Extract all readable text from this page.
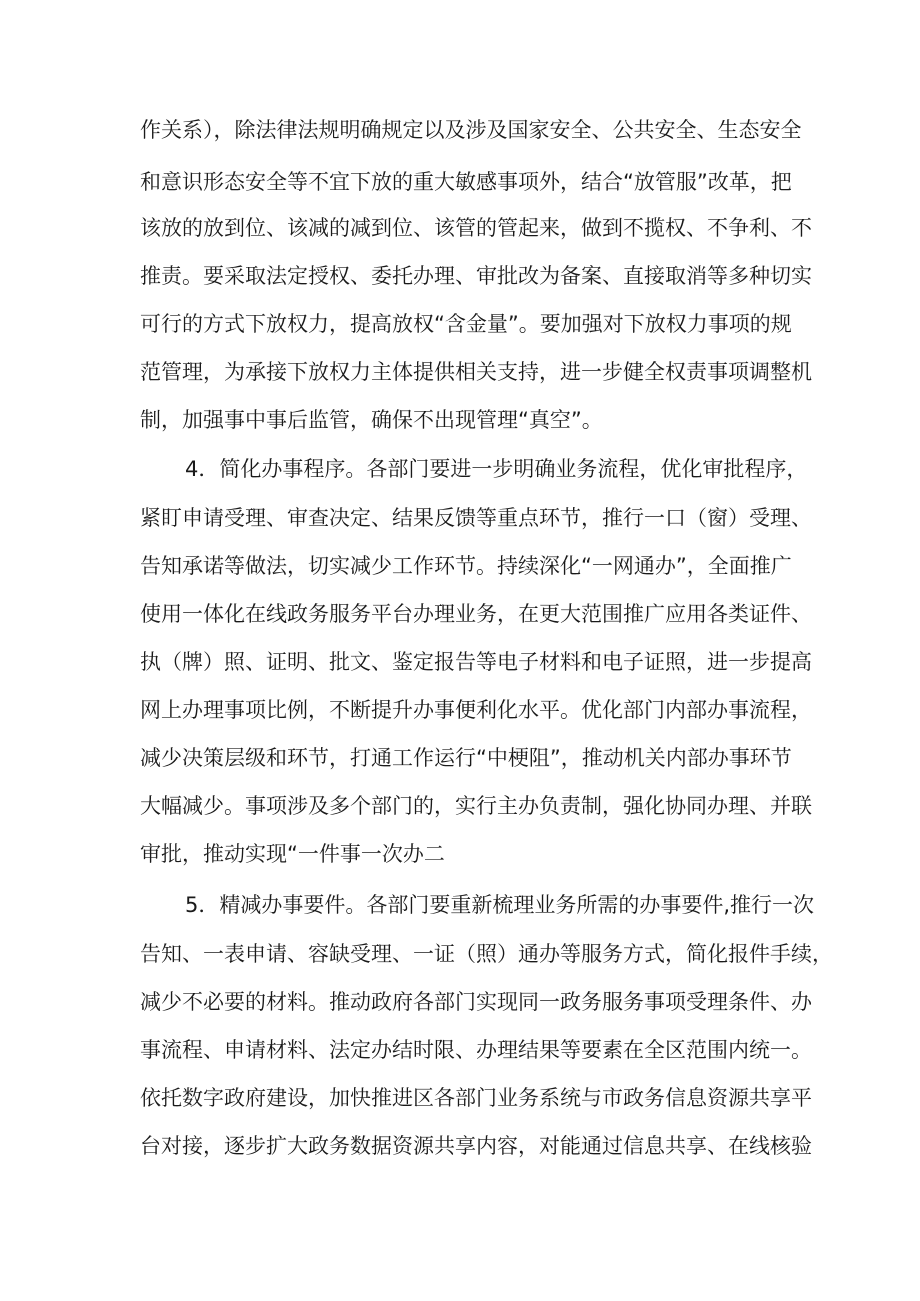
作关系），除法律法规明确规定以及涉及国家安全、公共安全、生态安全
和意识形态安全等不宜下放的重大敏感事项外，结合“放管服”改革，把
该放的放到位、该减的减到位、该管的管起来，做到不揽权、不争利、不
推责。要采取法定授权、委托办理、审批改为备案、直接取消等多种切实
可行的方式下放权力，提高放权“含金量”。要加强对下放权力事项的规
范管理，为承接下放权力主体提供相关支持，进一步健全权责事项调整机
制，加强事中事后监管，确保不出现管理“真空”。
4．简化办事程序。各部门要进一步明确业务流程，优化审批程序，
紧盯申请受理、审查决定、结果反馈等重点环节，推行一口（窗）受理、
告知承诺等做法，切实减少工作环节。持续深化“一网通办”，全面推广
使用一体化在线政务服务平台办理业务，在更大范围推广应用各类证件、
执（牌）照、证明、批文、鉴定报告等电子材料和电子证照，进一步提高
网上办理事项比例，不断提升办事便利化水平。优化部门内部办事流程，
减少决策层级和环节，打通工作运行“中梗阻”，推动机关内部办事环节
大幅减少。事项涉及多个部门的，实行主办负责制，强化协同办理、并联
审批，推动实现“一件事一次办二
5．精减办事要件。各部门要重新梳理业务所需的办事要件,推行一次
告知、一表申请、容缺受理、一证（照）通办等服务方式，简化报件手续，
减少不必要的材料。推动政府各部门实现同一政务服务事项受理条件、办
事流程、申请材料、法定办结时限、办理结果等要素在全区范围内统一。
依托数字政府建设，加快推进区各部门业务系统与市政务信息资源共享平
台对接，逐步扩大政务数据资源共享内容，对能通过信息共享、在线核验
